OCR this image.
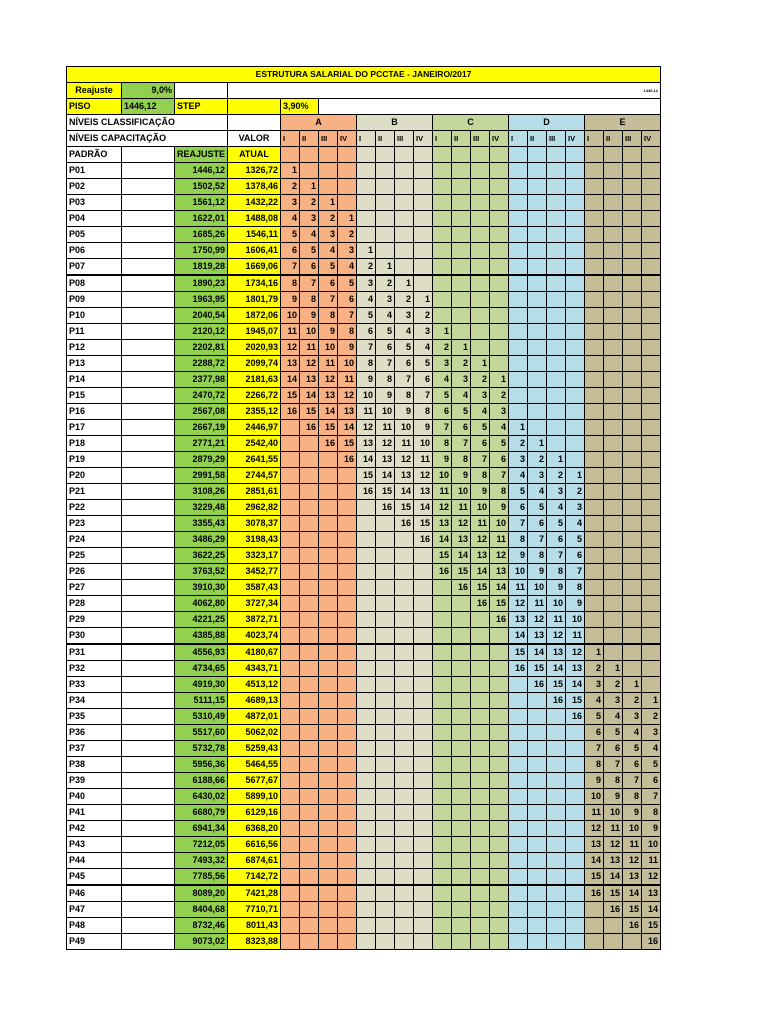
ESTRUTURA SALARIAL DO PCCTAE - JANEIRO/2017																							
Reajuste	9,0%		1446,12																				
PISO	1446,12	STEP		3,90%																			
NÍVEIS CLASSIFICAÇÃO				A				B				C				D				E			
NÍVEIS CAPACITAÇÃO			VALOR	I	II	III	IV	I	II	III	IV	I	II	III	IV	I	II	III	IV	I	II	III	IV
PADRÃO		REAJUSTE	ATUAL																				
P01		1446,12	1326,72	1																			
P02		1502,52	1378,46	2	1																		
P03		1561,12	1432,22	3	2	1																	
P04		1622,01	1488,08	4	3	2	1																
P05		1685,26	1546,11	5	4	3	2																
P06		1750,99	1606,41	6	5	4	3	1															
P07		1819,28	1669,06	7	6	5	4	2	1														
P08		1890,23	1734,16	8	7	6	5	3	2	1													
P09		1963,95	1801,79	9	8	7	6	4	3	2	1												
P10		2040,54	1872,06	10	9	8	7	5	4	3	2												
P11		2120,12	1945,07	11	10	9	8	6	5	4	3	1											
P12		2202,81	2020,93	12	11	10	9	7	6	5	4	2	1										
P13		2288,72	2099,74	13	12	11	10	8	7	6	5	3	2	1									
P14		2377,98	2181,63	14	13	12	11	9	8	7	6	4	3	2	1								
P15		2470,72	2266,72	15	14	13	12	10	9	8	7	5	4	3	2								
P16		2567,08	2355,12	16	15	14	13	11	10	9	8	6	5	4	3								
P17		2667,19	2446,97		16	15	14	12	11	10	9	7	6	5	4	1							
P18		2771,21	2542,40			16	15	13	12	11	10	8	7	6	5	2	1						
P19		2879,29	2641,55				16	14	13	12	11	9	8	7	6	3	2	1					
P20		2991,58	2744,57					15	14	13	12	10	9	8	7	4	3	2	1				
P21		3108,26	2851,61					16	15	14	13	11	10	9	8	5	4	3	2				
P22		3229,48	2962,82						16	15	14	12	11	10	9	6	5	4	3				
P23		3355,43	3078,37							16	15	13	12	11	10	7	6	5	4				
P24		3486,29	3198,43								16	14	13	12	11	8	7	6	5				
P25		3622,25	3323,17									15	14	13	12	9	8	7	6				
P26		3763,52	3452,77									16	15	14	13	10	9	8	7				
P27		3910,30	3587,43										16	15	14	11	10	9	8				
P28		4062,80	3727,34											16	15	12	11	10	9				
P29		4221,25	3872,71												16	13	12	11	10				
P30		4385,88	4023,74													14	13	12	11				
P31		4556,93	4180,67													15	14	13	12	1			
P32		4734,65	4343,71													16	15	14	13	2	1		
P33		4919,30	4513,12														16	15	14	3	2	1	
P34		5111,15	4689,13															16	15	4	3	2	1
P35		5310,49	4872,01																16	5	4	3	2
P36		5517,60	5062,02																	6	5	4	3
P37		5732,78	5259,43																	7	6	5	4
P38		5956,36	5464,55																	8	7	6	5
P39		6188,66	5677,67																	9	8	7	6
P40		6430,02	5899,10																	10	9	8	7
P41		6680,79	6129,16																	11	10	9	8
P42		6941,34	6368,20																	12	11	10	9
P43		7212,05	6616,56																	13	12	11	10
P44		7493,32	6874,61																	14	13	12	11
P45		7785,56	7142,72																	15	14	13	12
P46		8089,20	7421,28																	16	15	14	13
P47		8404,68	7710,71																		16	15	14
P48		8732,46	8011,43																			16	15
P49		9073,02	8323,88																				16
